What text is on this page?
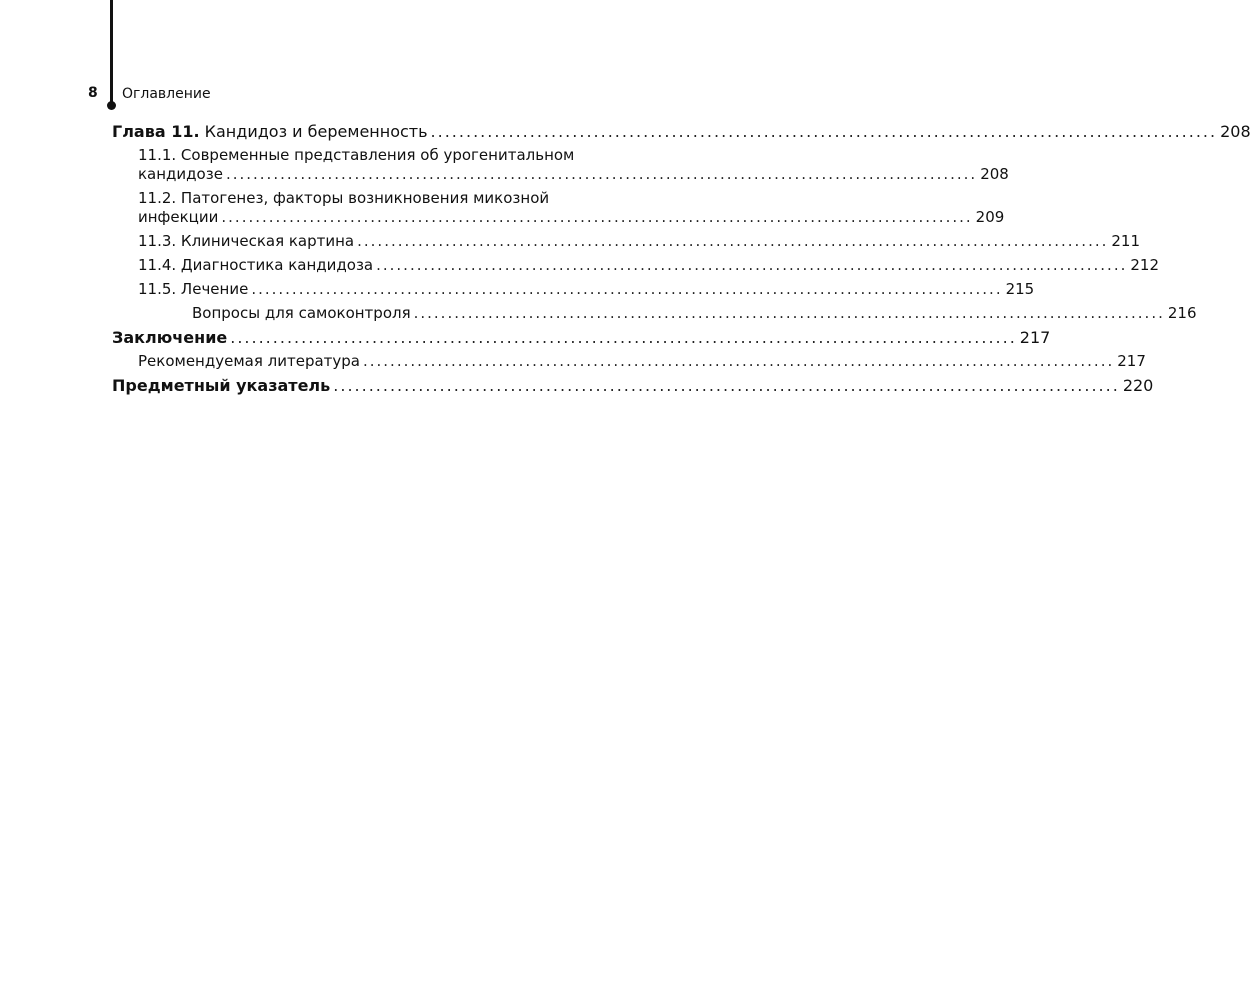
8 Оглавление
Глава 11. Кандидоз и беременность ............................................................................................................... 208
11.1. Современные представления об урогенитальном
кандидозе ............................................................................................................... 208
11.2. Патогенез, факторы возникновения микозной
инфекции ............................................................................................................... 209
11.3. Клиническая картина ............................................................................................................... 211
11.4. Диагностика кандидоза ............................................................................................................... 212
11.5. Лечение ............................................................................................................... 215
Вопросы для самоконтроля ............................................................................................................... 216
Заключение ............................................................................................................... 217
Рекомендуемая литература ............................................................................................................... 217
Предметный указатель ............................................................................................................... 220
